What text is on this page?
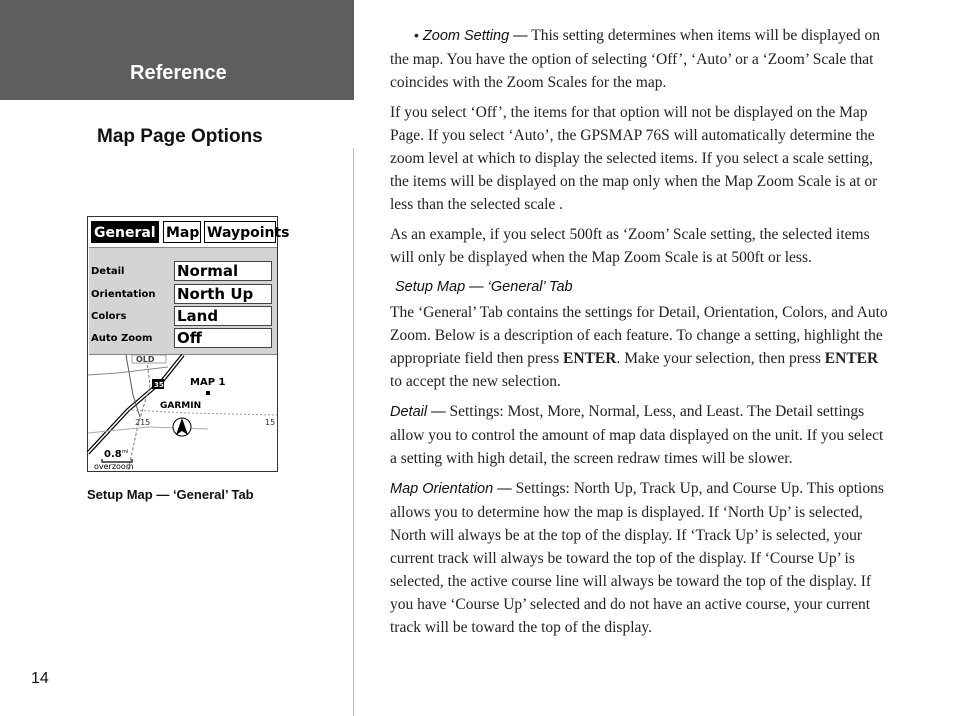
Reference
Map Page Options
General Map Waypoints
Detail	Normal
Orientation North Up
Colors	Land
Auto Zoom Off
OLD
35	MAP 1
GARMIN
215	15
0.8 mi
overzoom
Setup Map — ‘General’ Tab
14

• Zoom Setting — This setting determines when items will be displayed on the map. You have the option of selecting ‘Off’, ‘Auto’ or a ‘Zoom’ Scale that coincides with the Zoom Scales for the map.

If you select ‘Off’, the items for that option will not be displayed on the Map Page. If you select ‘Auto’, the GPSMAP 76S will automatically determine the zoom level at which to display the selected items. If you select a scale setting, the items will be displayed on the map only when the Map Zoom Scale is at or less than the selected scale .

As an example, if you select 500ft as ‘Zoom’ Scale setting, the selected items will only be displayed when the Map Zoom Scale is at 500ft or less.

Setup Map — ‘General’ Tab

The ‘General’ Tab contains the settings for Detail, Orientation, Colors, and Auto Zoom. Below is a description of each feature. To change a setting, highlight the appropriate field then press ENTER. Make your selection, then press ENTER to accept the new selection.

Detail — Settings: Most, More, Normal, Less, and Least. The Detail settings allow you to control the amount of map data displayed on the unit. If you select a setting with high detail, the screen redraw times will be slower.

Map Orientation — Settings: North Up, Track Up, and Course Up. This options allows you to determine how the map is displayed. If ‘North Up’ is selected, North will always be at the top of the display. If ‘Track Up’ is selected, your current track will always be toward the top of the display. If ‘Course Up’ is selected, the active course line will always be toward the top of the display. If you have ‘Course Up’ selected and do not have an active course, your current track will be toward the top of the display.
